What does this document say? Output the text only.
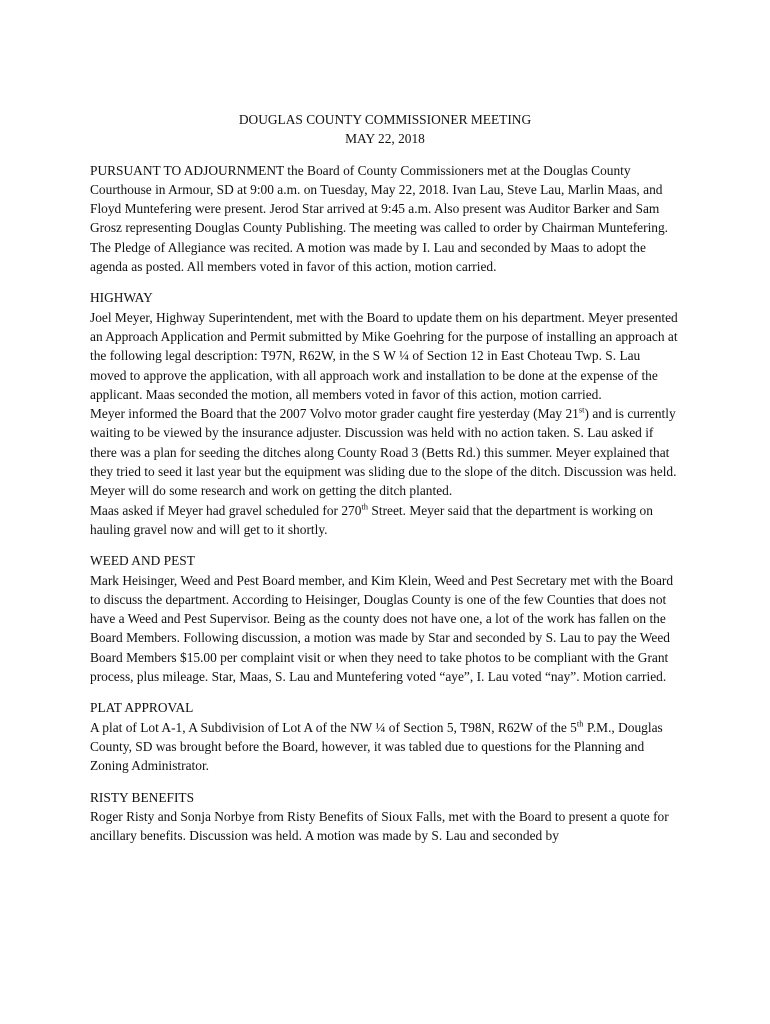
DOUGLAS COUNTY COMMISSIONER MEETING
MAY 22, 2018

PURSUANT TO ADJOURNMENT the Board of County Commissioners met at the Douglas County Courthouse in Armour, SD at 9:00 a.m. on Tuesday, May 22, 2018. Ivan Lau, Steve Lau, Marlin Maas, and Floyd Muntefering were present. Jerod Star arrived at 9:45 a.m. Also present was Auditor Barker and Sam Grosz representing Douglas County Publishing. The meeting was called to order by Chairman Muntefering. The Pledge of Allegiance was recited. A motion was made by I. Lau and seconded by Maas to adopt the agenda as posted. All members voted in favor of this action, motion carried.

HIGHWAY

Joel Meyer, Highway Superintendent, met with the Board to update them on his department. Meyer presented an Approach Application and Permit submitted by Mike Goehring for the purpose of installing an approach at the following legal description: T97N, R62W, in the S W ¼ of Section 12 in East Choteau Twp. S. Lau moved to approve the application, with all approach work and installation to be done at the expense of the applicant. Maas seconded the motion, all members voted in favor of this action, motion carried.

Meyer informed the Board that the 2007 Volvo motor grader caught fire yesterday (May 21st) and is currently waiting to be viewed by the insurance adjuster. Discussion was held with no action taken. S. Lau asked if there was a plan for seeding the ditches along County Road 3 (Betts Rd.) this summer. Meyer explained that they tried to seed it last year but the equipment was sliding due to the slope of the ditch. Discussion was held. Meyer will do some research and work on getting the ditch planted.

Maas asked if Meyer had gravel scheduled for 270th Street. Meyer said that the department is working on hauling gravel now and will get to it shortly.

WEED AND PEST

Mark Heisinger, Weed and Pest Board member, and Kim Klein, Weed and Pest Secretary met with the Board to discuss the department. According to Heisinger, Douglas County is one of the few Counties that does not have a Weed and Pest Supervisor. Being as the county does not have one, a lot of the work has fallen on the Board Members. Following discussion, a motion was made by Star and seconded by S. Lau to pay the Weed Board Members $15.00 per complaint visit or when they need to take photos to be compliant with the Grant process, plus mileage. Star, Maas, S. Lau and Muntefering voted “aye”, I. Lau voted “nay”. Motion carried.

PLAT APPROVAL

A plat of Lot A-1, A Subdivision of Lot A of the NW ¼ of Section 5, T98N, R62W of the 5th P.M., Douglas County, SD was brought before the Board, however, it was tabled due to questions for the Planning and Zoning Administrator.

RISTY BENEFITS

Roger Risty and Sonja Norbye from Risty Benefits of Sioux Falls, met with the Board to present a quote for ancillary benefits. Discussion was held. A motion was made by S. Lau and seconded by
